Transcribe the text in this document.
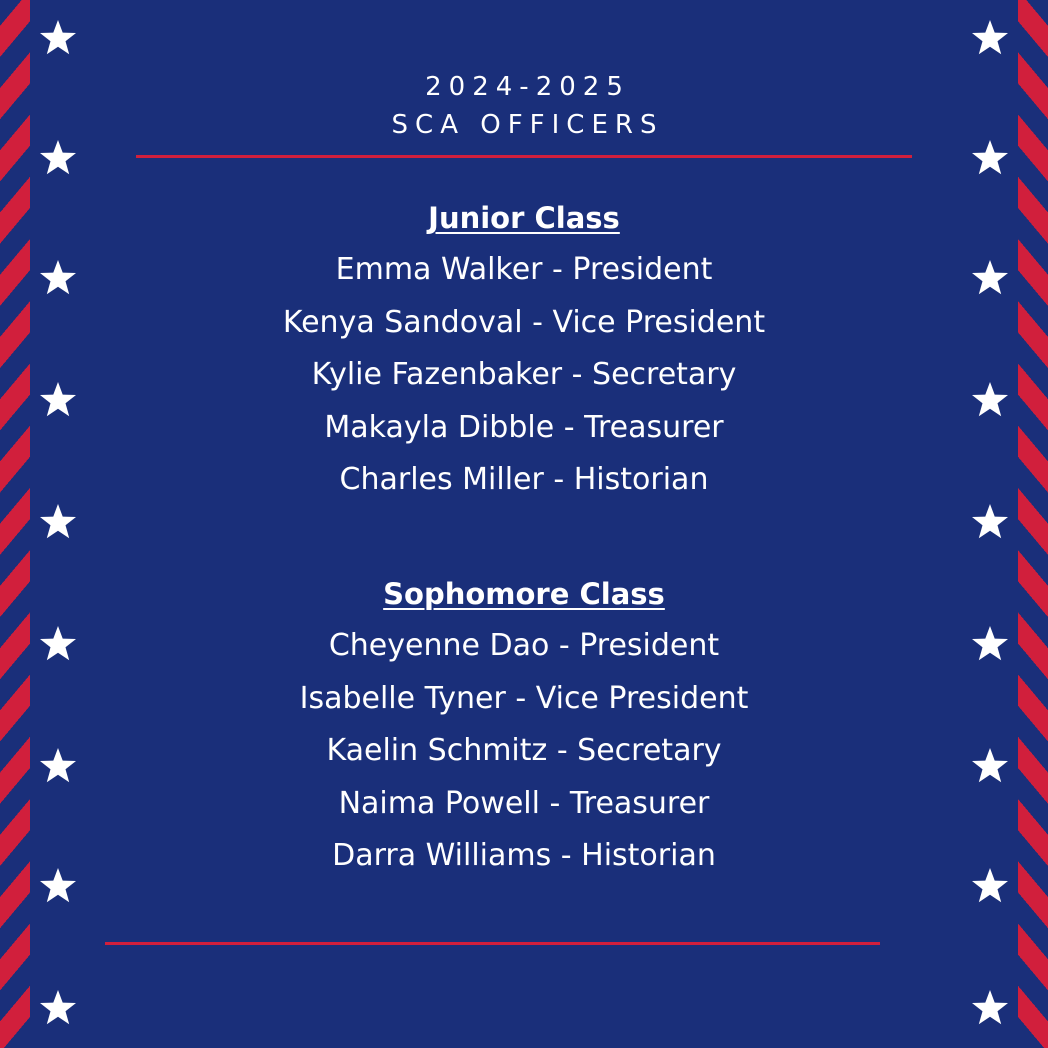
2024-2025
SCA OFFICERS
Junior Class
Emma Walker - President
Kenya Sandoval - Vice President
Kylie Fazenbaker - Secretary
Makayla Dibble - Treasurer
Charles Miller - Historian
Sophomore Class
Cheyenne Dao - President
Isabelle Tyner - Vice President
Kaelin Schmitz - Secretary
Naima Powell - Treasurer
Darra Williams - Historian
